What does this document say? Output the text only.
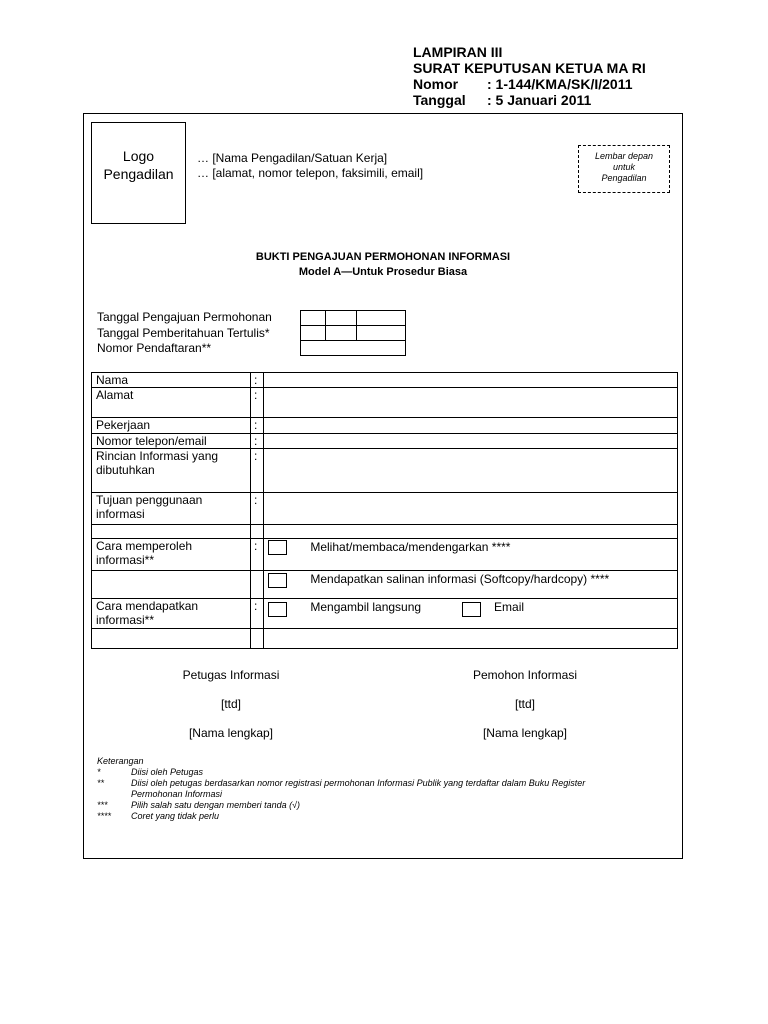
LAMPIRAN III
SURAT KEPUTUSAN KETUA MA RI
Nomor : 1-144/KMA/SK/I/2011
Tanggal : 5 Januari 2011
Logo
Pengadilan
… [Nama Pengadilan/Satuan Kerja]
… [alamat, nomor telepon, faksimili, email]
Lembar depan
untuk
Pengadilan
BUKTI PENGAJUAN PERMOHONAN INFORMASI
Model A—Untuk Prosedur Biasa
Tanggal Pengajuan Permohonan
Tanggal Pemberitahuan Tertulis*
Nomor Pendaftaran**

Nama	:	
Alamat	:	
Pekerjaan	:	
Nomor telepon/email	:	

Rincian Informasi yang
dibutuhkan	:	

Tujuan penggunaan
informasi	:	

Cara memperoleh
informasi**	:	Melihat/membaca/mendengarkan ****
		Mendapatkan salinan informasi (Softcopy/hardcopy) ****

Cara mendapatkan
informasi**	:	Mengambil langsung Email

Petugas Informasi
[ttd]
[Nama lengkap]
Pemohon Informasi
[ttd]
[Nama lengkap]
Keterangan
*	Diisi oleh Petugas
**	Diisi oleh petugas berdasarkan nomor registrasi permohonan Informasi Publik yang terdaftar dalam Buku Register
Permohonan Informasi
***	Pilih salah satu dengan memberi tanda (√)
**** Coret yang tidak perlu
